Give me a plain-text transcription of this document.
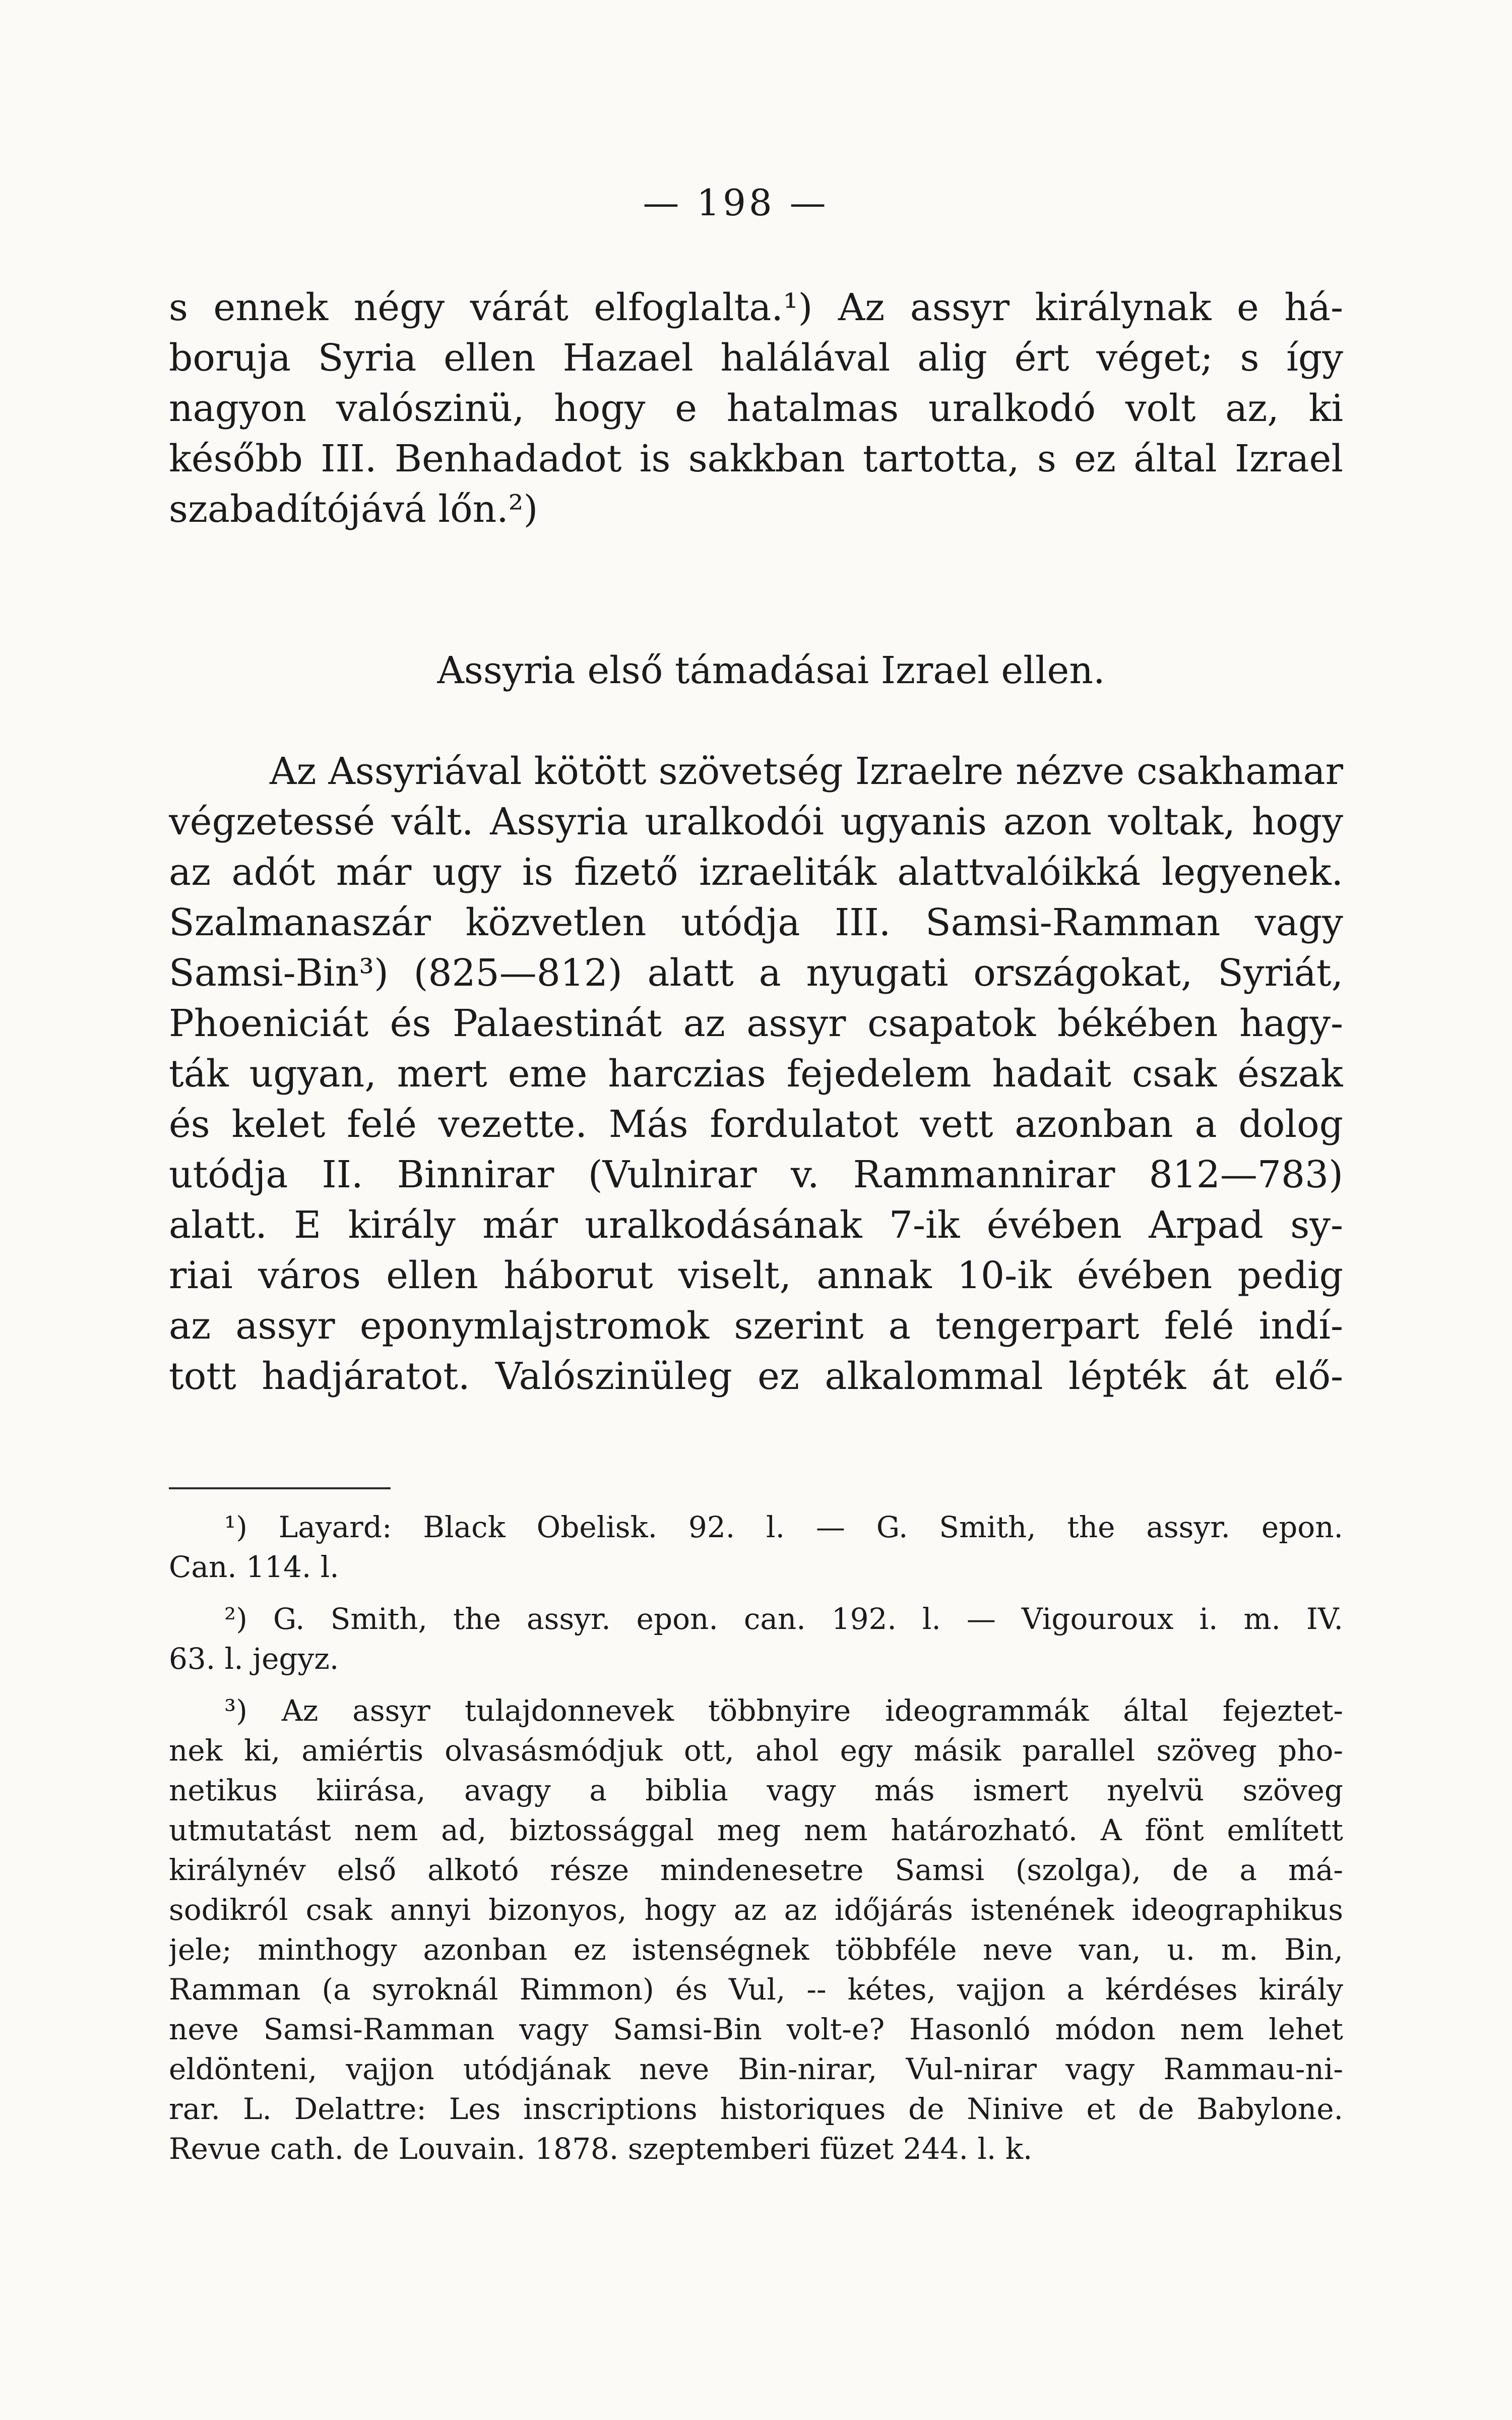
— 198 —
s ennek négy várát elfoglalta.¹) Az assyr királynak e há-
boruja Syria ellen Hazael halálával alig ért véget; s így
nagyon valószinü, hogy e hatalmas uralkodó volt az, ki
később III. Benhadadot is sakkban tartotta, s ez által Izrael
szabadítójává lőn.²)
Assyria első támadásai Izrael ellen.
Az Assyriával kötött szövetség Izraelre nézve csakhamar
végzetessé vált. Assyria uralkodói ugyanis azon voltak, hogy
az adót már ugy is fizető izraeliták alattvalóikká legyenek.
Szalmanaszár közvetlen utódja III. Samsi-Ramman vagy
Samsi-Bin³) (825—812) alatt a nyugati országokat, Syriát,
Phoeniciát és Palaestinát az assyr csapatok békében hagy-
ták ugyan, mert eme harczias fejedelem hadait csak észak
és kelet felé vezette. Más fordulatot vett azonban a dolog
utódja II. Binnirar (Vulnirar v. Rammannirar 812—783)
alatt. E király már uralkodásának 7-ik évében Arpad sy-
riai város ellen háborut viselt, annak 10-ik évében pedig
az assyr eponymlajstromok szerint a tengerpart felé indí-
tott hadjáratot. Valószinüleg ez alkalommal lépték át elő-
¹) Layard: Black Obelisk. 92. l. — G. Smith, the assyr. epon.
Can. 114. l.
²) G. Smith, the assyr. epon. can. 192. l. — Vigouroux i. m. IV.
63. l. jegyz.
³) Az assyr tulajdonnevek többnyire ideogrammák által fejeztet-
nek ki, amiértis olvasásmódjuk ott, ahol egy másik parallel szöveg pho-
netikus kiirása, avagy a biblia vagy más ismert nyelvü szöveg
utmutatást nem ad, biztossággal meg nem határozható. A fönt említett
királynév első alkotó része mindenesetre Samsi (szolga), de a má-
sodikról csak annyi bizonyos, hogy az az időjárás istenének ideographikus
jele; minthogy azonban ez istenségnek többféle neve van, u. m. Bin,
Ramman (a syroknál Rimmon) és Vul, -- kétes, vajjon a kérdéses király
neve Samsi-Ramman vagy Samsi-Bin volt-e? Hasonló módon nem lehet
eldönteni, vajjon utódjának neve Bin-nirar, Vul-nirar vagy Rammau-ni-
rar. L. Delattre: Les inscriptions historiques de Ninive et de Babylone.
Revue cath. de Louvain. 1878. szeptemberi füzet 244. l. k.
